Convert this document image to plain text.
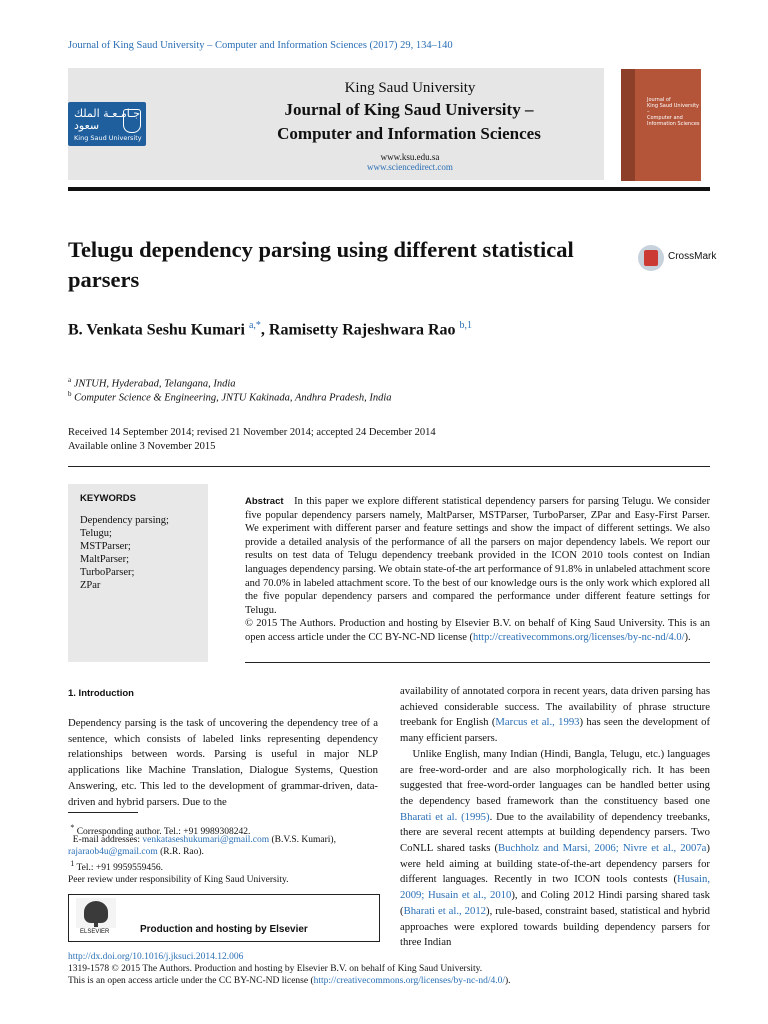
Journal of King Saud University – Computer and Information Sciences (2017) 29, 134–140
جـامـعـة الملك سعود
King Saud University
King Saud University
Journal of King Saud University –
Computer and Information Sciences
www.ksu.edu.sa
www.sciencedirect.com
Journal of
King Saud University –
Computer and
Information Sciences
Telugu dependency parsing using different statistical parsers
CrossMark
B. Venkata Seshu Kumari $^{a,*}$, Ramisetty Rajeshwara Rao $^{b,1}$
$^a$ JNTUH, Hyderabad, Telangana, India
$^b$ Computer Science & Engineering, JNTU Kakinada, Andhra Pradesh, India
Received 14 September 2014; revised 21 November 2014; accepted 24 December 2014
Available online 3 November 2015
KEYWORDS
Dependency parsing;
Telugu;
MSTParser;
MaltParser;
TurboParser;
ZPar
Abstract In this paper we explore different statistical dependency parsers for parsing Telugu. We consider five popular dependency parsers namely, MaltParser, MSTParser, TurboParser, ZPar and Easy-First Parser. We experiment with different parser and feature settings and show the impact of different settings. We also provide a detailed analysis of the performance of all the parsers on major dependency labels. We report our results on test data of Telugu dependency treebank provided in the ICON 2010 tools contest on Indian languages dependency parsing. We obtain state-of-the art performance of 91.8% in unlabeled attachment score and 70.0% in labeled attachment score. To the best of our knowledge ours is the only work which explored all the five popular dependency parsers and compared the performance under different feature settings for Telugu.
© 2015 The Authors. Production and hosting by Elsevier B.V. on behalf of King Saud University. This is an open access article under the CC BY-NC-ND license (http://creativecommons.org/licenses/by-nc-nd/4.0/).
1. Introduction
Dependency parsing is the task of uncovering the dependency tree of a sentence, which consists of labeled links representing dependency relationships between words. Parsing is useful in major NLP applications like Machine Translation, Dialogue Systems, Question Answering, etc. This led to the development of grammar-driven, data-driven and hybrid parsers. Due to the
availability of annotated corpora in recent years, data driven parsing has achieved considerable success. The availability of phrase structure treebank for English (Marcus et al., 1993) has seen the development of many efficient parsers.
Unlike English, many Indian (Hindi, Bangla, Telugu, etc.) languages are free-word-order and are also morphologically rich. It has been suggested that free-word-order languages can be handled better using the dependency based framework than the constituency based one Bharati et al. (1995). Due to the availability of dependency treebanks, there are several recent attempts at building dependency parsers. Two CoNLL shared tasks (Buchholz and Marsi, 2006; Nivre et al., 2007a) were held aiming at building state-of-the-art dependency parsers for different languages. Recently in two ICON tools contests (Husain, 2009; Husain et al., 2010), and Coling 2012 Hindi parsing shared task (Bharati et al., 2012), rule-based, constraint based, statistical and hybrid approaches were explored towards building dependency parsers for three Indian
* Corresponding author. Tel.: +91 9989308242.
E-mail addresses: venkataseshukumari@gmail.com (B.V.S. Kumari),
rajaraob4u@gmail.com (R.R. Rao).
$^1$ Tel.: +91 9959559456.
Peer review under responsibility of King Saud University.
ELSEVIER	Production and hosting by Elsevier
http://dx.doi.org/10.1016/j.jksuci.2014.12.006
1319-1578 © 2015 The Authors. Production and hosting by Elsevier B.V. on behalf of King Saud University.
This is an open access article under the CC BY-NC-ND license (http://creativecommons.org/licenses/by-nc-nd/4.0/).
